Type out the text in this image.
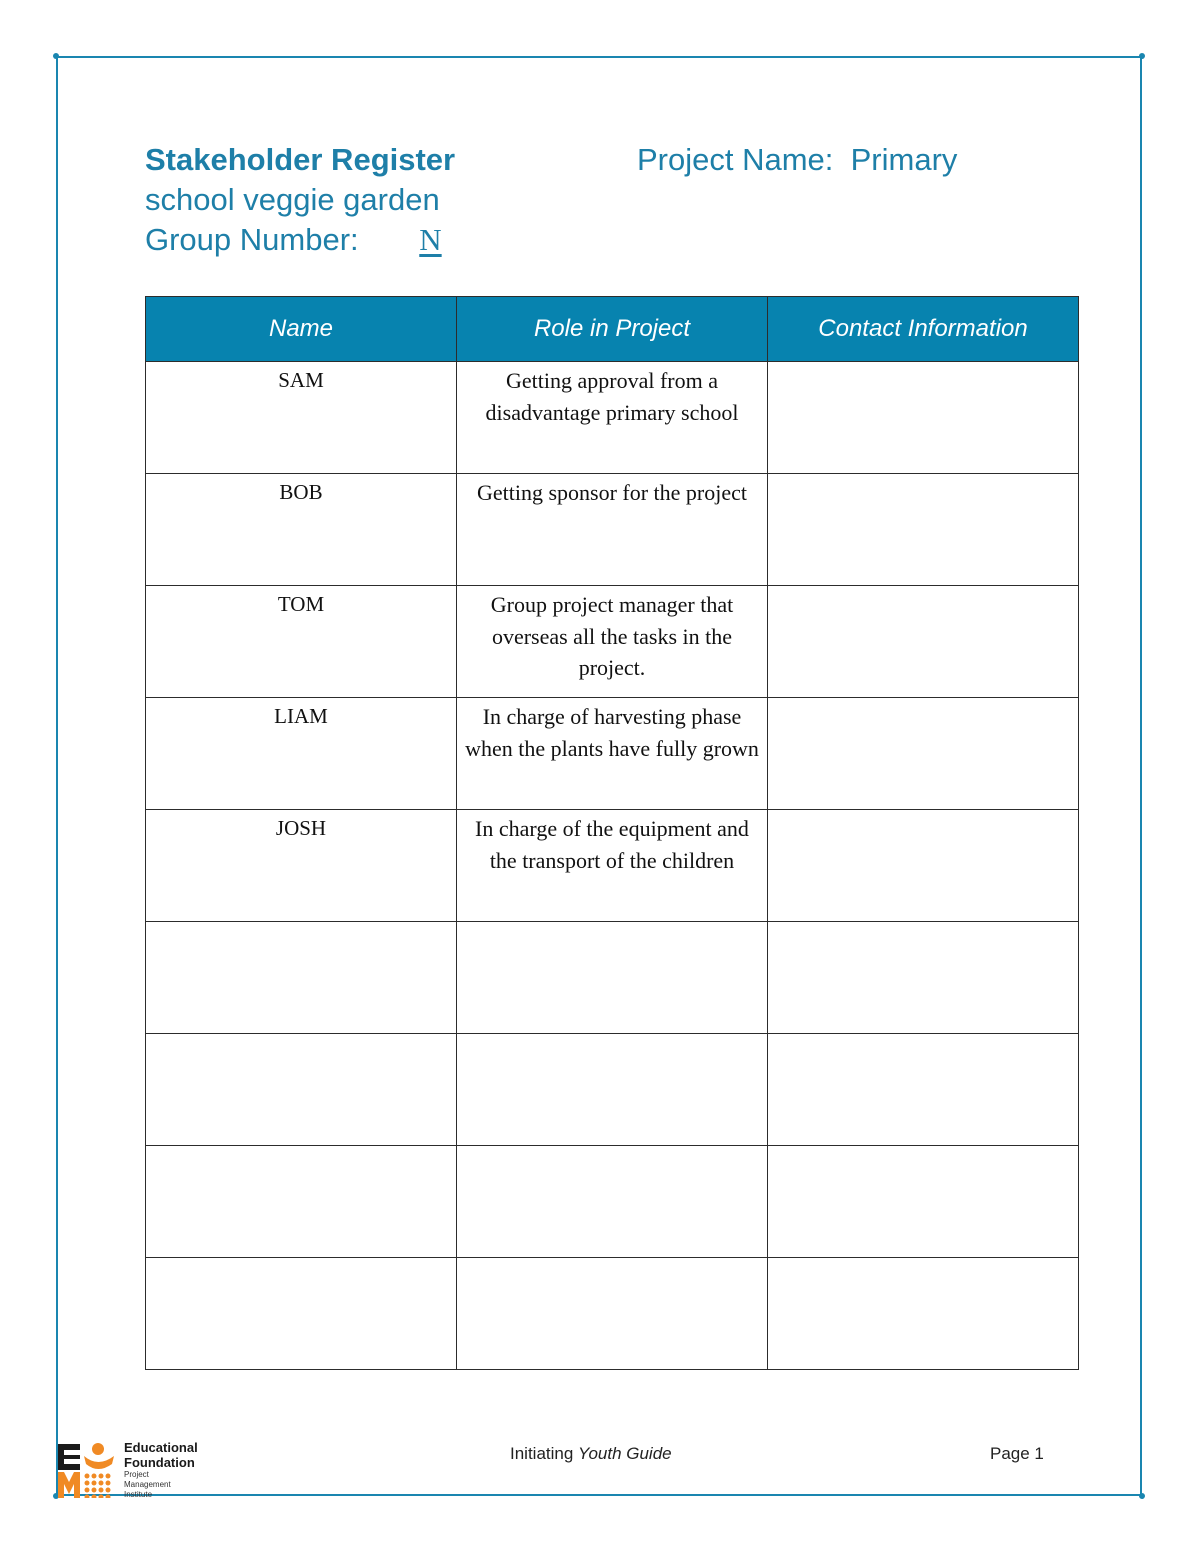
Stakeholder Register	Project Name:  Primary
school veggie garden
Group Number: N
Name	Role in Project	Contact Information
SAM	Getting approval from a disadvantage primary school	
BOB	Getting sponsor for the project	
TOM	Group project manager that overseas all the tasks in the project.	
LIAM	In charge of harvesting phase when the plants have fully grown	
JOSH	In charge of the equipment and the transport of the children	

Educational
Foundation
Project
Management
Institute
Initiating Youth Guide	Page 1
